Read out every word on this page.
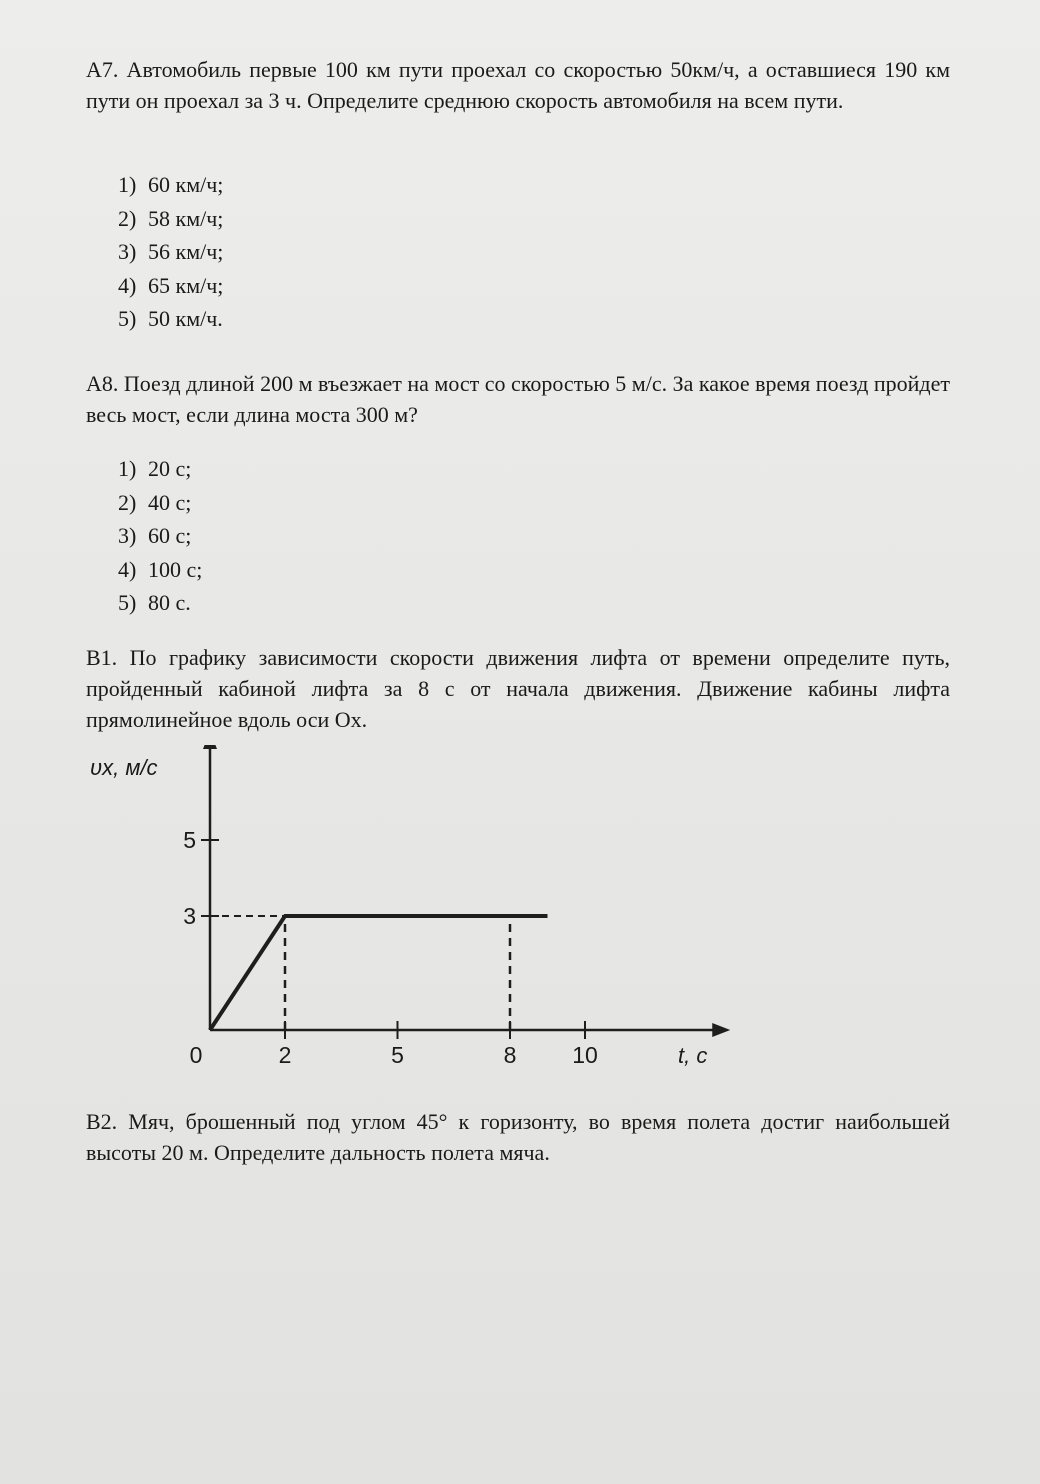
А7. Автомобиль первые 100 км пути проехал со скоростью 50км/ч, а оставшиеся 190 км пути он проехал за 3 ч. Определите среднюю скорость автомобиля на всем пути.
1) 60 км/ч;
2) 58 км/ч;
3) 56 км/ч;
4) 65 км/ч;
5) 50 км/ч.
А8. Поезд длиной 200 м въезжает на мост со скоростью 5 м/с. За какое время поезд пройдет весь мост, если длина моста 300 м?
1) 20 с;
2) 40 с;
3) 60 с;
4) 100 с;
5) 80 с.
В1. По графику зависимости скорости движения лифта от времени определите путь, пройденный кабиной лифта за 8 с от начала движения. Движение кабины лифта прямолинейное вдоль оси Ox.
0	2	5	8 10
3
5
υx, м/с
t, с
В2. Мяч, брошенный под углом 45° к горизонту, во время полета достиг наибольшей высоты 20 м. Определите дальность полета мяча.
